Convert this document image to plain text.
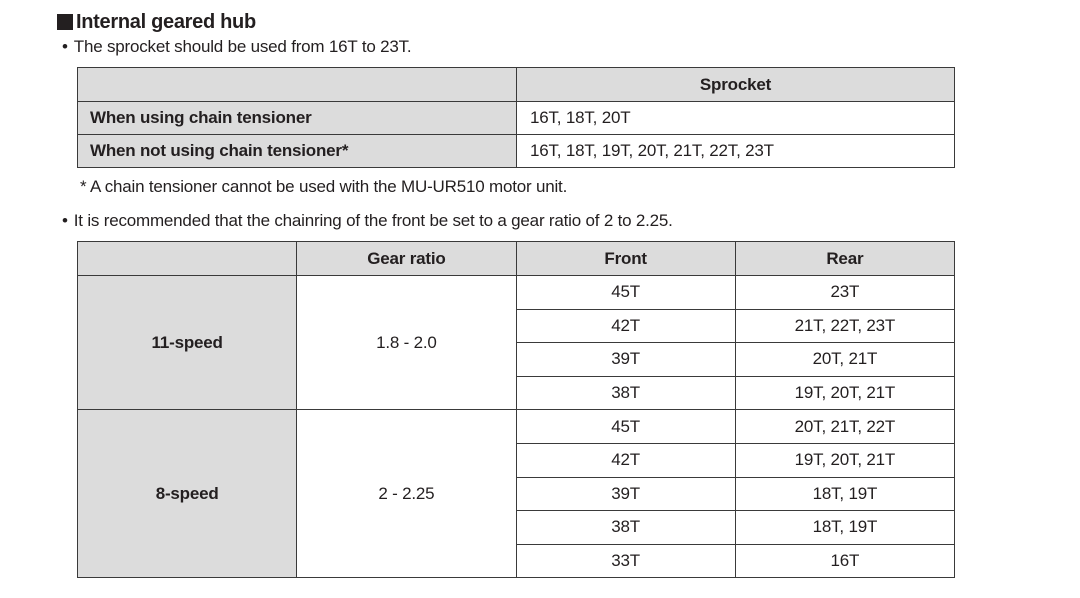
Internal geared hub
• The sprocket should be used from 16T to 23T.
	Sprocket
When using chain tensioner	16T, 18T, 20T
When not using chain tensioner*	16T, 18T, 19T, 20T, 21T, 22T, 23T
* A chain tensioner cannot be used with the MU-UR510 motor unit.
• It is recommended that the chainring of the front be set to a gear ratio of 2 to 2.25.
	Gear ratio	Front	Rear
11-speed	1.8 - 2.0	45T	23T
		42T	21T, 22T, 23T
		39T	20T, 21T
		38T	19T, 20T, 21T
8-speed	2 - 2.25	45T	20T, 21T, 22T
		42T	19T, 20T, 21T
		39T	18T, 19T
		38T	18T, 19T
		33T	16T
